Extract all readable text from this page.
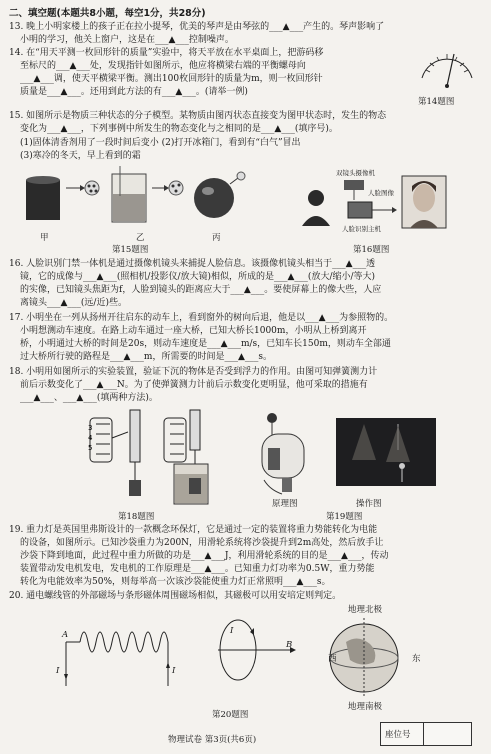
二、填空题(本题共8小题，每空1分，共28分)
13. 晚上小明家楼上的孩子正在拉小提琴，优美的琴声是由琴弦的___▲___产生的。琴声影响了
小明的学习，他关上窗户，这是在___▲___控制噪声。
14. 在“用天平测一枚回形针的质量”实验中，将天平放在水平桌面上，把游码移
至标尺的___▲___处，发现指针如图所示，他应将横梁右端的平衡螺母向
___▲___调，使天平横梁平衡。测出100枚回形针的质量为m，则一枚回形针
质量是___▲___。还用到此方法的有___▲___。(请举一例)
第14题图
15. 如图所示是物质三种状态的分子模型。某物质由图丙状态直接变为图甲状态时，发生的物态
变化为___▲___，下列事例中所发生的物态变化与之相同的是___▲___(填序号)。
(1)固体清香剂用了一段时间后变小 (2)打开冰箱门，看到有“白气”冒出
(3)寒冷的冬天，早上看到的霜
甲	乙	丙
第15题图
双镜头摄像机
人脸图像
人脸识别主机
第16题图
16. 人脸识别门禁一体机是通过摄像机镜头来捕捉人脸信息。该摄像机镜头相当于___▲___透
镜，它的成像与___▲___(照相机/投影仪/放大镜)相似，所成的是___▲___(放大/缩小/等大)
的实像，已知镜头焦距为f，人脸到镜头的距离应大于___▲___。要使屏幕上的像大些，人应
离镜头___▲___(远/近)些。
17. 小明坐在一列从扬州开往启东的动车上，看到窗外的树向后退，他是以___▲___为参照物的。
小明想测动车速度。在路上动车通过一座大桥，已知大桥长1000m，小明从上桥到离开
桥，小明通过大桥的时间是20s，则动车速度是___▲___m/s，已知车长150m，则动车全部通
过大桥所行驶的路程是___▲___m，所需要的时间是___▲___s。
18. 小明用如图所示的实验装置，验证下沉的物体是否受到浮力的作用。由图可知弹簧测力计
前后示数变化了___▲___N。为了使弹簧测力计前后示数变化更明显，他可采取的措施有
___▲___、___▲___(填两种方法)。
3
4
5
第18题图
原理图	操作图
第19题图
19. 重力灯是英国里弗斯设计的一款概念环保灯，它是通过一定的装置将重力势能转化为电能
的设备，如图所示。已知沙袋重力为200N，用滑轮系统将沙袋提升到2m高处，然后放手让
沙袋下降到地面，此过程中重力所做的功是___▲___J，利用滑轮系统的目的是___▲___，传动
装置带动发电机发电，发电机的工作原理是___▲___。已知重力灯功率为0.5W，重力势能
转化为电能效率为50%，则每举高一次该沙袋能使重力灯正常照明___▲___s。
20. 通电螺线管的外部磁场与条形磁体周围磁场相似，其磁极可以用安培定则判定。
A
B
I	I
I
地理北极
西	东
地理南极
第20题图
物理试卷 第3页(共6页)	座位号
